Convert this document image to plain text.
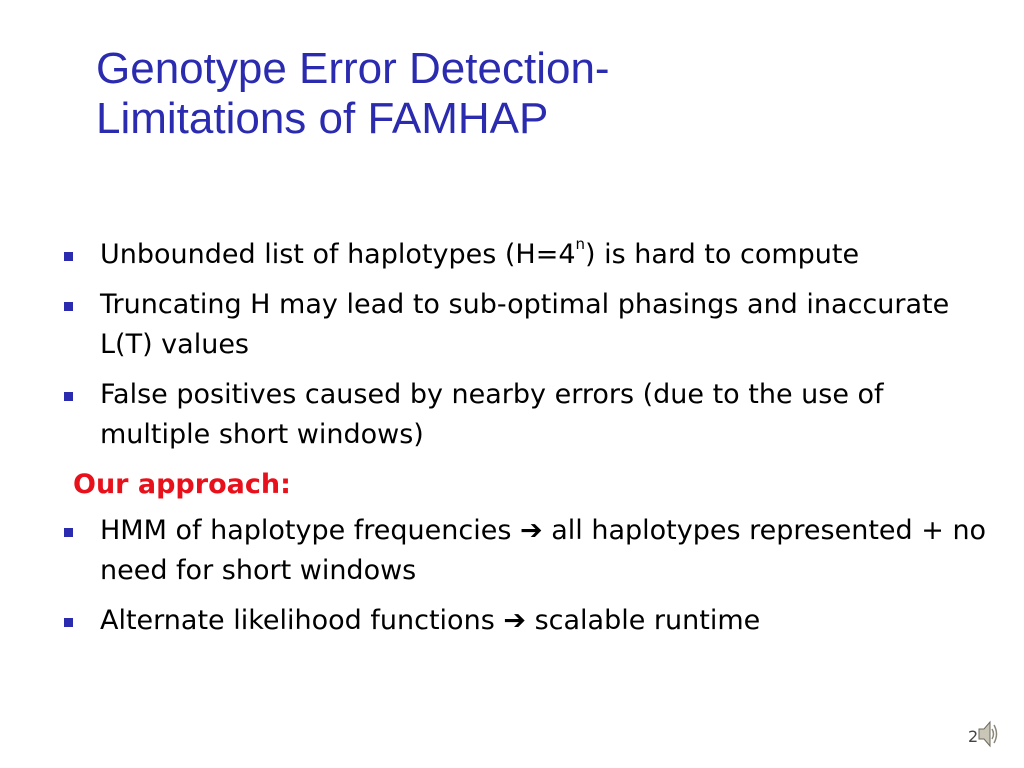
Genotype Error Detection-
Limitations of FAMHAP
Unbounded list of haplotypes $(H=4^n)$ is hard to compute
Truncating H may lead to sub-optimal phasings and inaccurate L(T) values
False positives caused by nearby errors (due to the use of multiple short windows)
Our approach:
HMM of haplotype frequencies ➔ all haplotypes represented + no need for short windows
Alternate likelihood functions ➔ scalable runtime
2
